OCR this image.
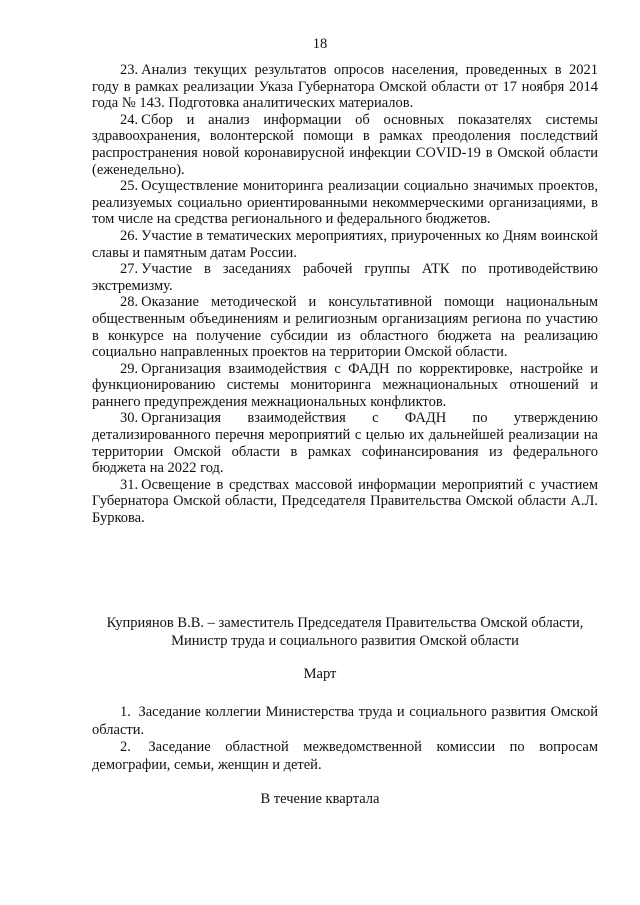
18

23. Анализ текущих результатов опросов населения, проведенных в 2021 году в рамках реализации Указа Губернатора Омской области от 17 ноября 2014 года № 143. Подготовка аналитических материалов.

24. Сбор и анализ информации об основных показателях системы здравоохранения, волонтерской помощи в рамках преодоления последствий распространения новой коронавирусной инфекции COVID-19 в Омской области (еженедельно).

25. Осуществление мониторинга реализации социально значимых проектов, реализуемых социально ориентированными некоммерческими организациями, в том числе на средства регионального и федерального бюджетов.

26. Участие в тематических мероприятиях, приуроченных ко Дням воинской славы и памятным датам России.

27. Участие в заседаниях рабочей группы АТК по противодействию экстремизму.

28. Оказание методической и консультативной помощи национальным общественным объединениям и религиозным организациям региона по участию в конкурсе на получение субсидии из областного бюджета на реализацию социально направленных проектов на территории Омской области.

29. Организация взаимодействия с ФАДН по корректировке, настройке и функционированию системы мониторинга межнациональных отношений и раннего предупреждения межнациональных конфликтов.

30. Организация взаимодействия с ФАДН по утверждению детализированного перечня мероприятий с целью их дальнейшей реализации на территории Омской области в рамках софинансирования из федерального бюджета на 2022 год.

31. Освещение в средствах массовой информации мероприятий с участием Губернатора Омской области, Председателя Правительства Омской области А.Л. Буркова.

Куприянов В.В. – заместитель Председателя Правительства Омской области,
Министр труда и социального развития Омской области
Март

1. Заседание коллегии Министерства труда и социального развития Омской области.

2. Заседание областной межведомственной комиссии по вопросам демографии, семьи, женщин и детей.

В течение квартала
